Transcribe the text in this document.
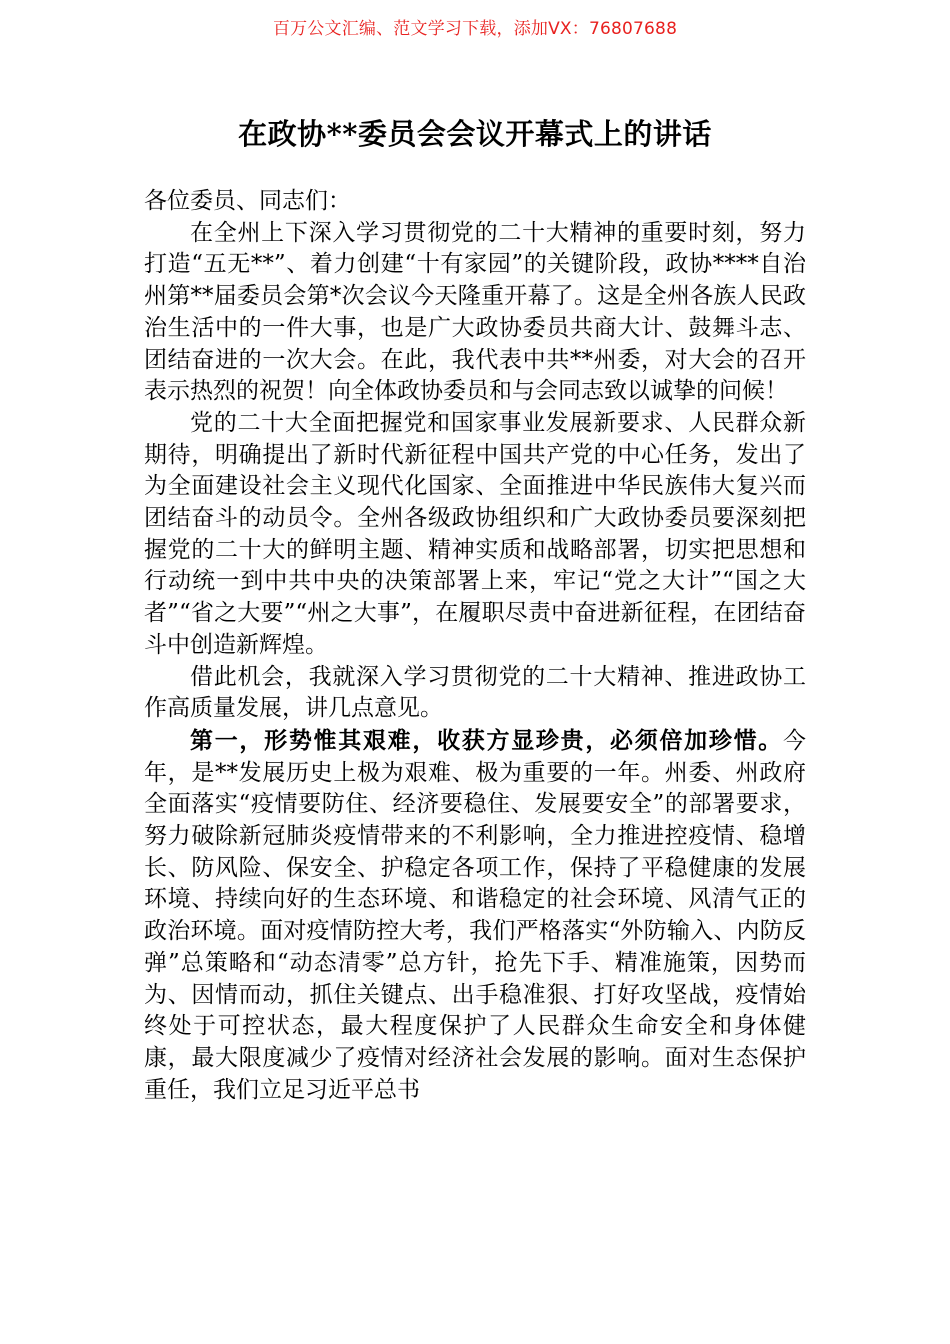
百万公文汇编、范文学习下载，添加VX：76807688
在政协**委员会会议开幕式上的讲话

各位委员、同志们：

在全州上下深入学习贯彻党的二十大精神的重要时刻，努力打造“五无**”、着力创建“十有家园”的关键阶段，政协****自治州第**届委员会第*次会议今天隆重开幕了。这是全州各族人民政治生活中的一件大事，也是广大政协委员共商大计、鼓舞斗志、团结奋进的一次大会。在此，我代表中共**州委，对大会的召开表示热烈的祝贺！向全体政协委员和与会同志致以诚挚的问候！

党的二十大全面把握党和国家事业发展新要求、人民群众新期待，明确提出了新时代新征程中国共产党的中心任务，发出了为全面建设社会主义现代化国家、全面推进中华民族伟大复兴而团结奋斗的动员令。全州各级政协组织和广大政协委员要深刻把握党的二十大的鲜明主题、精神实质和战略部署，切实把思想和行动统一到中共中央的决策部署上来，牢记“党之大计”“国之大者”“省之大要”“州之大事”，在履职尽责中奋进新征程，在团结奋斗中创造新辉煌。

借此机会，我就深入学习贯彻党的二十大精神、推进政协工作高质量发展，讲几点意见。

第一，形势惟其艰难，收获方显珍贵，必须倍加珍惜。今年，是**发展历史上极为艰难、极为重要的一年。州委、州政府全面落实“疫情要防住、经济要稳住、发展要安全”的部署要求，努力破除新冠肺炎疫情带来的不利影响，全力推进控疫情、稳增长、防风险、保安全、护稳定各项工作，保持了平稳健康的发展环境、持续向好的生态环境、和谐稳定的社会环境、风清气正的政治环境。面对疫情防控大考，我们严格落实“外防输入、内防反弹”总策略和“动态清零”总方针，抢先下手、精准施策，因势而为、因情而动，抓住关键点、出手稳准狠、打好攻坚战，疫情始终处于可控状态，最大程度保护了人民群众生命安全和身体健康，最大限度减少了疫情对经济社会发展的影响。面对生态保护重任，我们立足习近平总书
